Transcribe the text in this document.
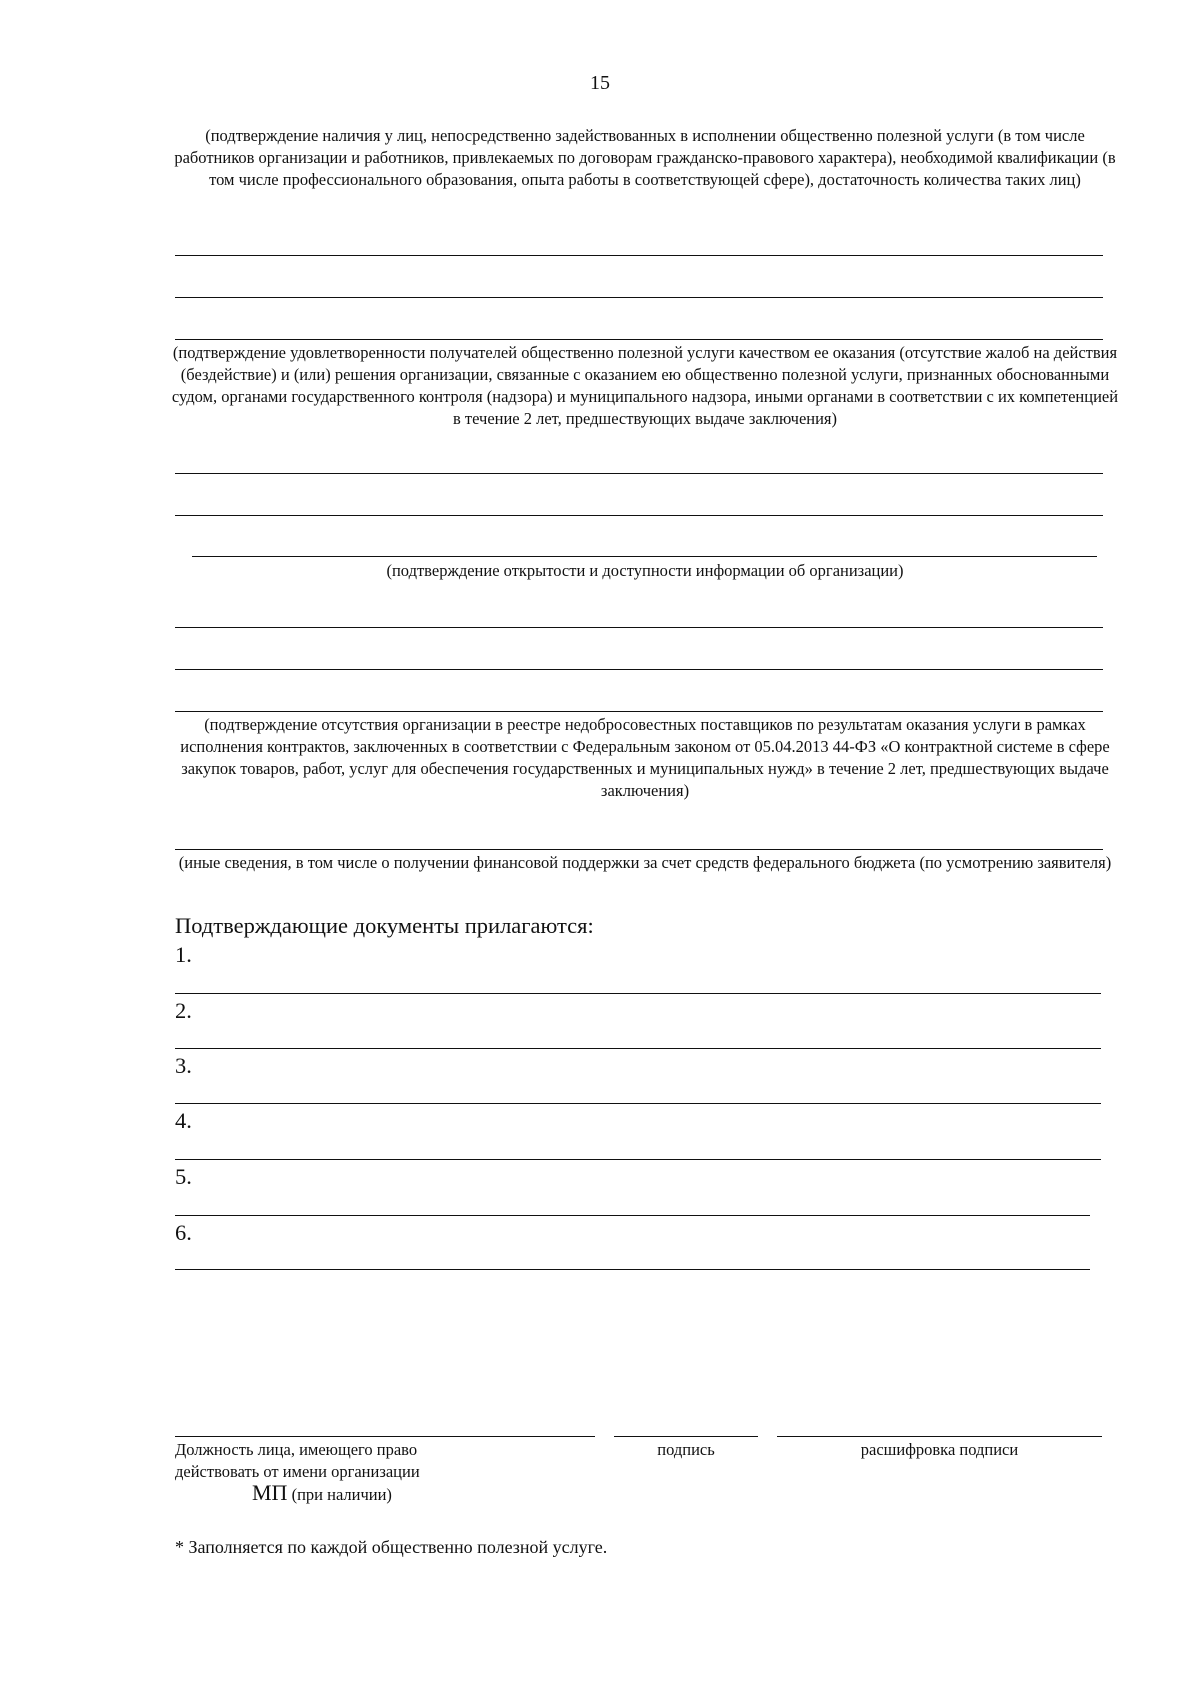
15
(подтверждение наличия у лиц, непосредственно задействованных в исполнении общественно полезной услуги (в том числе работников организации и работников, привлекаемых по договорам гражданско-правового характера), необходимой квалификации (в том числе профессионального образования, опыта работы в соответствующей сфере), достаточность количества таких лиц)
(подтверждение удовлетворенности получателей общественно полезной услуги качеством ее оказания (отсутствие жалоб на действия (бездействие) и (или) решения организации, связанные с оказанием ею общественно полезной услуги, признанных обоснованными судом, органами государственного контроля (надзора) и муниципального надзора, иными органами в соответствии с их компетенцией в течение 2 лет, предшествующих выдаче заключения)
(подтверждение открытости и доступности информации об организации)
(подтверждение отсутствия организации в реестре недобросовестных поставщиков по результатам оказания услуги в рамках исполнения контрактов, заключенных в соответствии с Федеральным законом от 05.04.2013 44-ФЗ «О контрактной системе в сфере закупок товаров, работ, услуг для обеспечения государственных и муниципальных нужд» в течение 2 лет, предшествующих выдаче заключения)
(иные сведения, в том числе о получении финансовой поддержки за счет средств федерального бюджета (по усмотрению заявителя)
Подтверждающие документы прилагаются:
1.
2.
3.
4.
5.
6.
Должность лица, имеющего право действовать от имени организации
подпись	расшифровка подписи
МП (при наличии)
* Заполняется по каждой общественно полезной услуге.
